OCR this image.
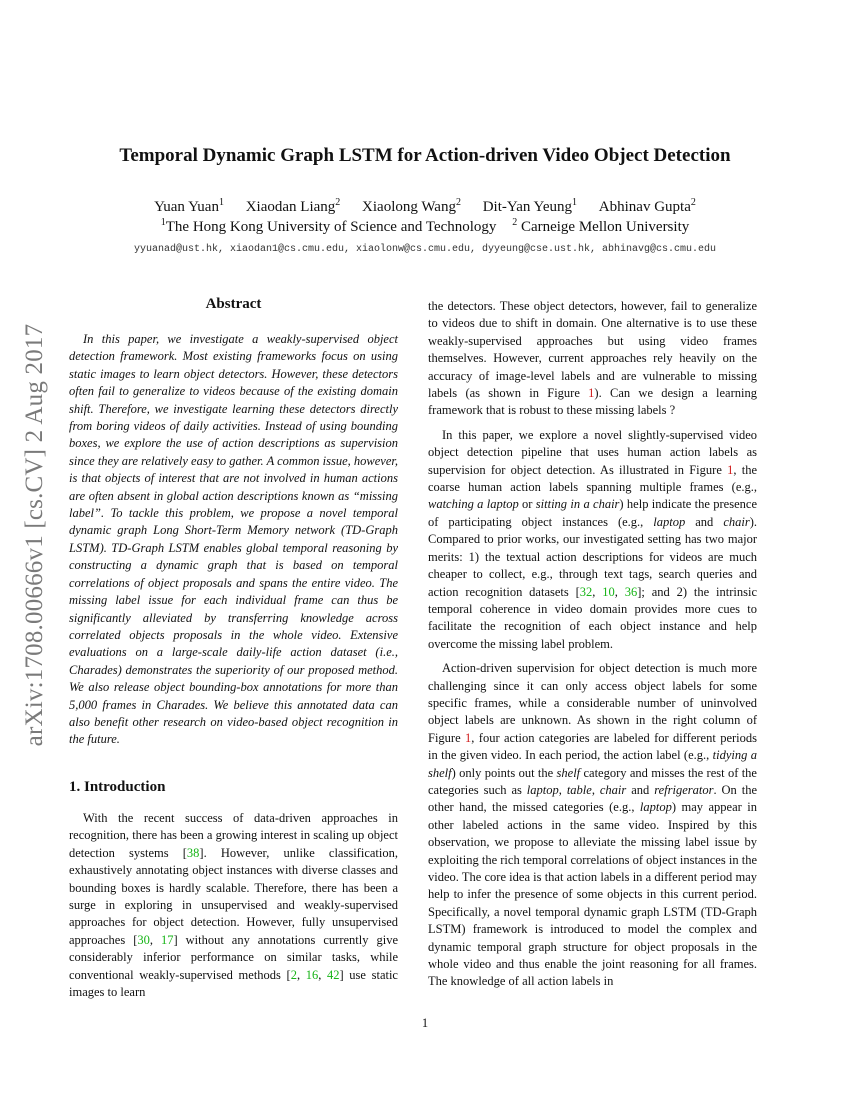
arXiv:1708.00666v1 [cs.CV] 2 Aug 2017
Temporal Dynamic Graph LSTM for Action-driven Video Object Detection
Yuan Yuan$^1$ Xiaodan Liang$^2$ Xiaolong Wang$^2$ Dit-Yan Yeung$^1$ Abhinav Gupta$^2$
$^1$The Hong Kong University of Science and Technology $^2$ Carneige Mellon University
yyuanad@ust.hk, xiaodan1@cs.cmu.edu, xiaolonw@cs.cmu.edu, dyyeung@cse.ust.hk, abhinavg@cs.cmu.edu
Abstract

In this paper, we investigate a weakly-supervised object detection framework. Most existing frameworks focus on using static images to learn object detectors. However, these detectors often fail to generalize to videos because of the existing domain shift. Therefore, we investigate learning these detectors directly from boring videos of daily activities. Instead of using bounding boxes, we explore the use of action descriptions as supervision since they are relatively easy to gather. A common issue, however, is that objects of interest that are not involved in human actions are often absent in global action descriptions known as “missing label”. To tackle this problem, we propose a novel temporal dynamic graph Long Short-Term Memory network (TD-Graph LSTM). TD-Graph LSTM enables global temporal reasoning by constructing a dynamic graph that is based on temporal correlations of object proposals and spans the entire video. The missing label issue for each individual frame can thus be significantly alleviated by transferring knowledge across correlated objects proposals in the whole video. Extensive evaluations on a large-scale daily-life action dataset (i.e., Charades) demonstrates the superiority of our proposed method. We also release object bounding-box annotations for more than 5,000 frames in Charades. We believe this annotated data can also benefit other research on video-based object recognition in the future.

1. Introduction

With the recent success of data-driven approaches in recognition, there has been a growing interest in scaling up object detection systems [38]. However, unlike classification, exhaustively annotating object instances with diverse classes and bounding boxes is hardly scalable. Therefore, there has been a surge in exploring in unsupervised and weakly-supervised approaches for object detection. However, fully unsupervised approaches [30, 17] without any annotations currently give considerably inferior performance on similar tasks, while conventional weakly-supervised methods [2, 16, 42] use static images to learn

the detectors. These object detectors, however, fail to generalize to videos due to shift in domain. One alternative is to use these weakly-supervised approaches but using video frames themselves. However, current approaches rely heavily on the accuracy of image-level labels and are vulnerable to missing labels (as shown in Figure 1). Can we design a learning framework that is robust to these missing labels ?

In this paper, we explore a novel slightly-supervised video object detection pipeline that uses human action labels as supervision for object detection. As illustrated in Figure 1, the coarse human action labels spanning multiple frames (e.g., watching a laptop or sitting in a chair) help indicate the presence of participating object instances (e.g., laptop and chair). Compared to prior works, our investigated setting has two major merits: 1) the textual action descriptions for videos are much cheaper to collect, e.g., through text tags, search queries and action recognition datasets [32, 10, 36]; and 2) the intrinsic temporal coherence in video domain provides more cues to facilitate the recognition of each object instance and help overcome the missing label problem.

Action-driven supervision for object detection is much more challenging since it can only access object labels for some specific frames, while a considerable number of uninvolved object labels are unknown. As shown in the right column of Figure 1, four action categories are labeled for different periods in the given video. In each period, the action label (e.g., tidying a shelf) only points out the shelf category and misses the rest of the categories such as laptop, table, chair and refrigerator. On the other hand, the missed categories (e.g., laptop) may appear in other labeled actions in the same video. Inspired by this observation, we propose to alleviate the missing label issue by exploiting the rich temporal correlations of object instances in the video. The core idea is that action labels in a different period may help to infer the presence of some objects in this current period. Specifically, a novel temporal dynamic graph LSTM (TD-Graph LSTM) framework is introduced to model the complex and dynamic temporal graph structure for object proposals in the whole video and thus enable the joint reasoning for all frames. The knowledge of all action labels in

1
